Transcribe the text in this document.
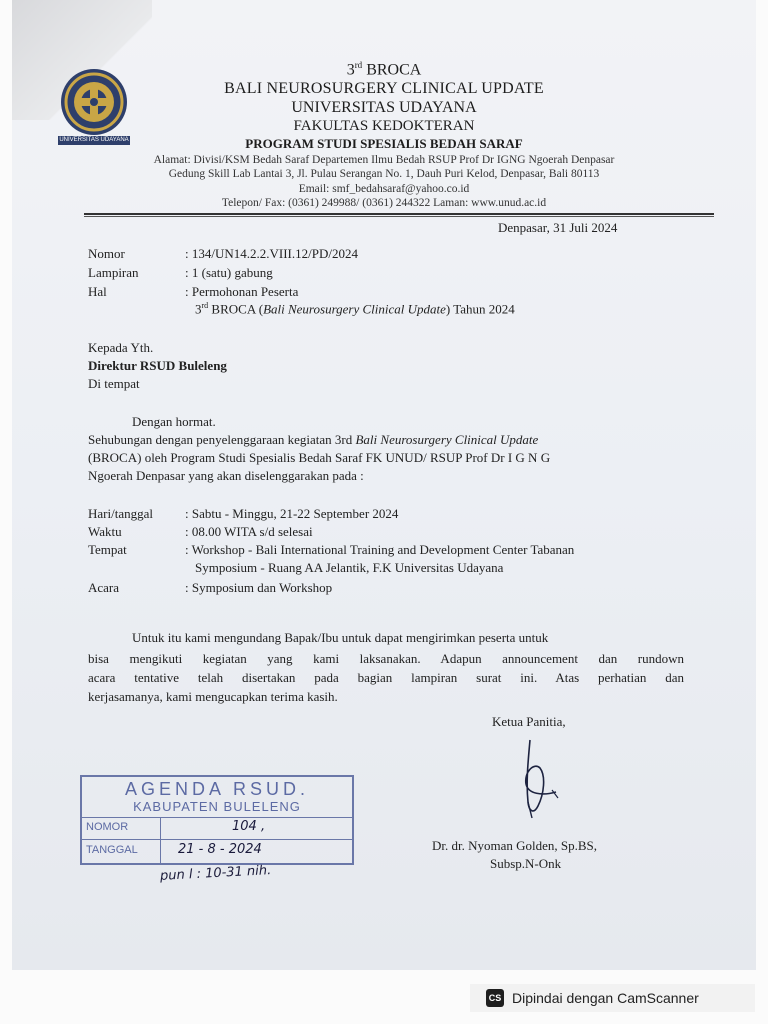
UNIVERSITAS UDAYANA
3rd BROCA
BALI NEUROSURGERY CLINICAL UPDATE
UNIVERSITAS UDAYANA
FAKULTAS KEDOKTERAN
PROGRAM STUDI SPESIALIS BEDAH SARAF
Alamat: Divisi/KSM Bedah Saraf Departemen Ilmu Bedah RSUP Prof Dr IGNG Ngoerah Denpasar
Gedung Skill Lab Lantai 3, Jl. Pulau Serangan No. 1, Dauh Puri Kelod, Denpasar, Bali 80113
Email: smf_bedahsaraf@yahoo.co.id
Telepon/ Fax: (0361) 249988/ (0361) 244322 Laman: www.unud.ac.id
Denpasar, 31 Juli 2024
Nomor	: 134/UN14.2.2.VIII.12/PD/2024
Lampiran	: 1 (satu) gabung
Hal	: Permohonan Peserta
3rd BROCA (Bali Neurosurgery Clinical Update) Tahun 2024
Kepada Yth.
Direktur RSUD Buleleng
Di tempat
Dengan hormat.
Sehubungan dengan penyelenggaraan kegiatan 3rd Bali Neurosurgery Clinical Update
(BROCA) oleh Program Studi Spesialis Bedah Saraf FK UNUD/ RSUP Prof Dr I G N G
Ngoerah Denpasar yang akan diselenggarakan pada :
Hari/tanggal : Sabtu - Minggu, 21-22 September 2024
Waktu	: 08.00 WITA s/d selesai
Tempat	: Workshop - Bali International Training and Development Center Tabanan
Symposium - Ruang AA Jelantik, F.K Universitas Udayana
Acara	: Symposium dan Workshop
Untuk itu kami mengundang Bapak/Ibu untuk dapat mengirimkan peserta untuk
bisa mengikuti kegiatan yang kami laksanakan. Adapun announcement dan rundown
acara tentative telah disertakan pada bagian lampiran surat ini. Atas perhatian dan
kerjasamanya, kami mengucapkan terima kasih.
Ketua Panitia,
Dr. dr. Nyoman Golden, Sp.BS,
Subsp.N-Onk
AGENDA RSUD.
KABUPATEN BULELENG
NOMOR	104 ,
TANGGAL	21 - 8 - 2024
pun l : 10-31 nih.
CS Dipindai dengan CamScanner
